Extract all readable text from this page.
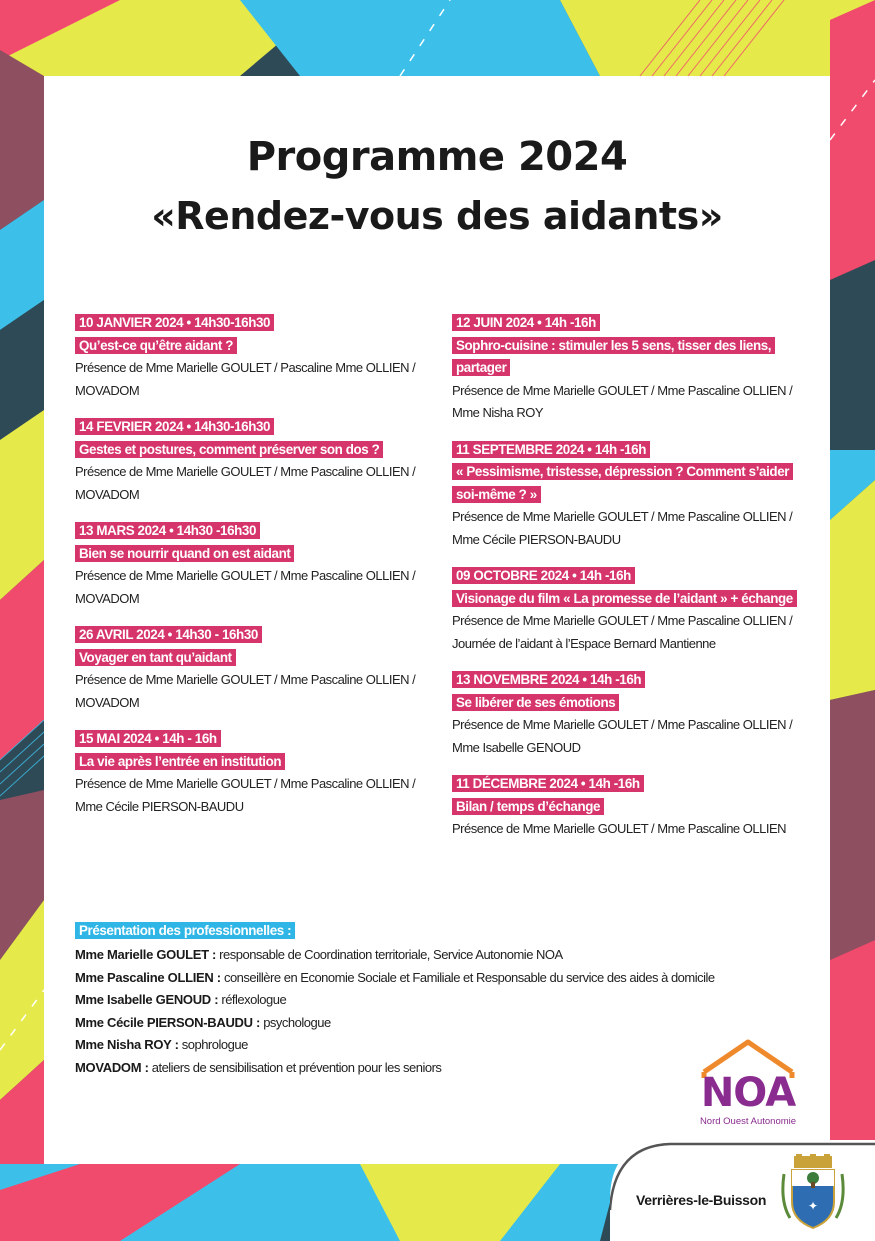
Programme 2024
«Rendez-vous des aidants»
10 JANVIER 2024 • 14h30-16h30
Qu’est-ce qu’être aidant ?
Présence de Mme Marielle GOULET / Pascaline Mme OLLIEN /
MOVADOM
14 FEVRIER 2024 • 14h30-16h30
Gestes et postures, comment préserver son dos ?
Présence de Mme Marielle GOULET / Mme Pascaline OLLIEN /
MOVADOM
13 MARS 2024 • 14h30 -16h30
Bien se nourrir quand on est aidant
Présence de Mme Marielle GOULET / Mme Pascaline OLLIEN /
MOVADOM
26 AVRIL 2024 • 14h30 - 16h30
Voyager en tant qu’aidant
Présence de Mme Marielle GOULET / Mme Pascaline OLLIEN /
MOVADOM
15 MAI 2024 • 14h - 16h
La vie après l’entrée en institution
Présence de Mme Marielle GOULET / Mme Pascaline OLLIEN /
Mme Cécile PIERSON-BAUDU
12 JUIN 2024 • 14h -16h
Sophro-cuisine : stimuler les 5 sens, tisser des liens,
partager
Présence de Mme Marielle GOULET / Mme Pascaline OLLIEN /
Mme Nisha ROY
11 SEPTEMBRE 2024 • 14h -16h
« Pessimisme, tristesse, dépression ? Comment s’aider
soi-même ? »
Présence de Mme Marielle GOULET / Mme Pascaline OLLIEN /
Mme Cécile PIERSON-BAUDU
09 OCTOBRE 2024 • 14h -16h
Visionage du film « La promesse de l’aidant » + échange
Présence de Mme Marielle GOULET / Mme Pascaline OLLIEN /
Journée de l’aidant à l’Espace Bernard Mantienne
13 NOVEMBRE 2024 • 14h -16h
Se libérer de ses émotions
Présence de Mme Marielle GOULET / Mme Pascaline OLLIEN /
Mme Isabelle GENOUD
11 DÉCEMBRE 2024 • 14h -16h
Bilan / temps d’échange
Présence de Mme Marielle GOULET / Mme Pascaline OLLIEN
Présentation des professionnelles :
Mme Marielle GOULET : responsable de Coordination territoriale, Service Autonomie NOA
Mme Pascaline OLLIEN : conseillère en Economie Sociale et Familiale et Responsable du service des aides à domicile
Mme Isabelle GENOUD : réflexologue
Mme Cécile PIERSON-BAUDU : psychologue
Mme Nisha ROY : sophrologue
MOVADOM : ateliers de sensibilisation et prévention pour les seniors
NOA
Nord Ouest Autonomie
Verrières-le-Buisson	✦
